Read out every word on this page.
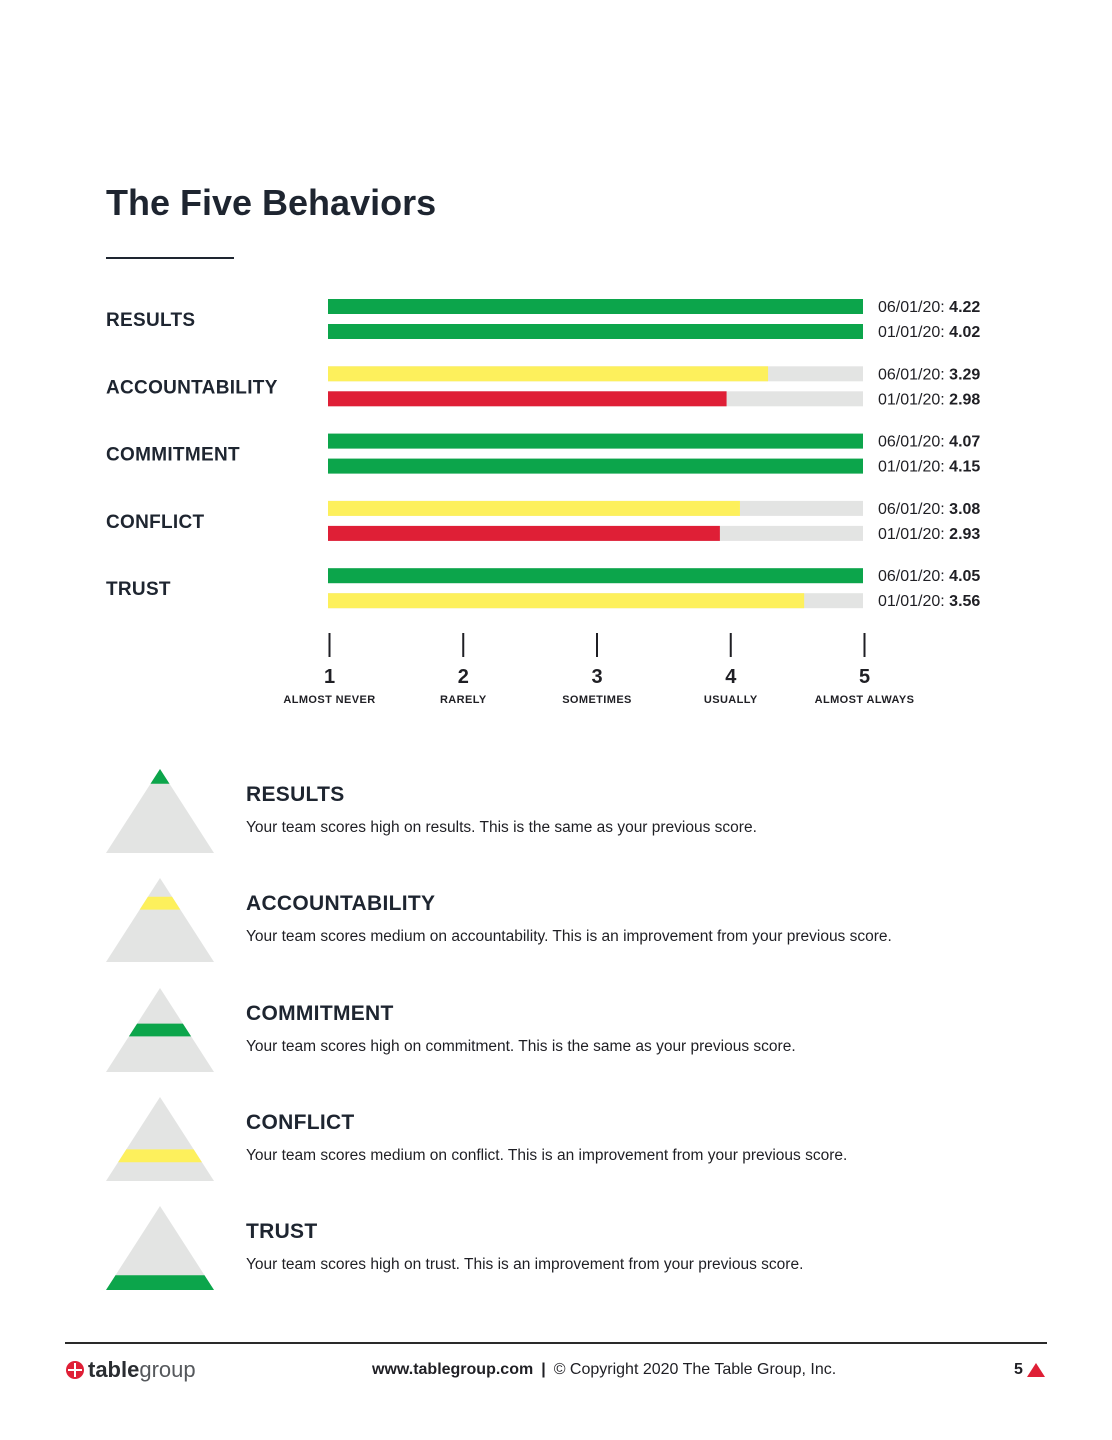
The Five Behaviors
RESULTS
06/01/20: 4.22
01/01/20: 4.02
ACCOUNTABILITY
06/01/20: 3.29
01/01/20: 2.98
COMMITMENT
06/01/20: 4.07
01/01/20: 4.15
CONFLICT
06/01/20: 3.08
01/01/20: 2.93
TRUST
06/01/20: 4.05
01/01/20: 3.56
1
ALMOST NEVER
2
RARELY
3
SOMETIMES
4
USUALLY
5
ALMOST ALWAYS
RESULTS

Your team scores high on results. This is the same as your previous score.

ACCOUNTABILITY

Your team scores medium on accountability. This is an improvement from your previous score.

COMMITMENT

Your team scores high on commitment. This is the same as your previous score.

CONFLICT

Your team scores medium on conflict. This is an improvement from your previous score.

TRUST

Your team scores high on trust. This is an improvement from your previous score.

tablegroup	www.tablegroup.com | © Copyright 2020 The Table Group, Inc.	5
